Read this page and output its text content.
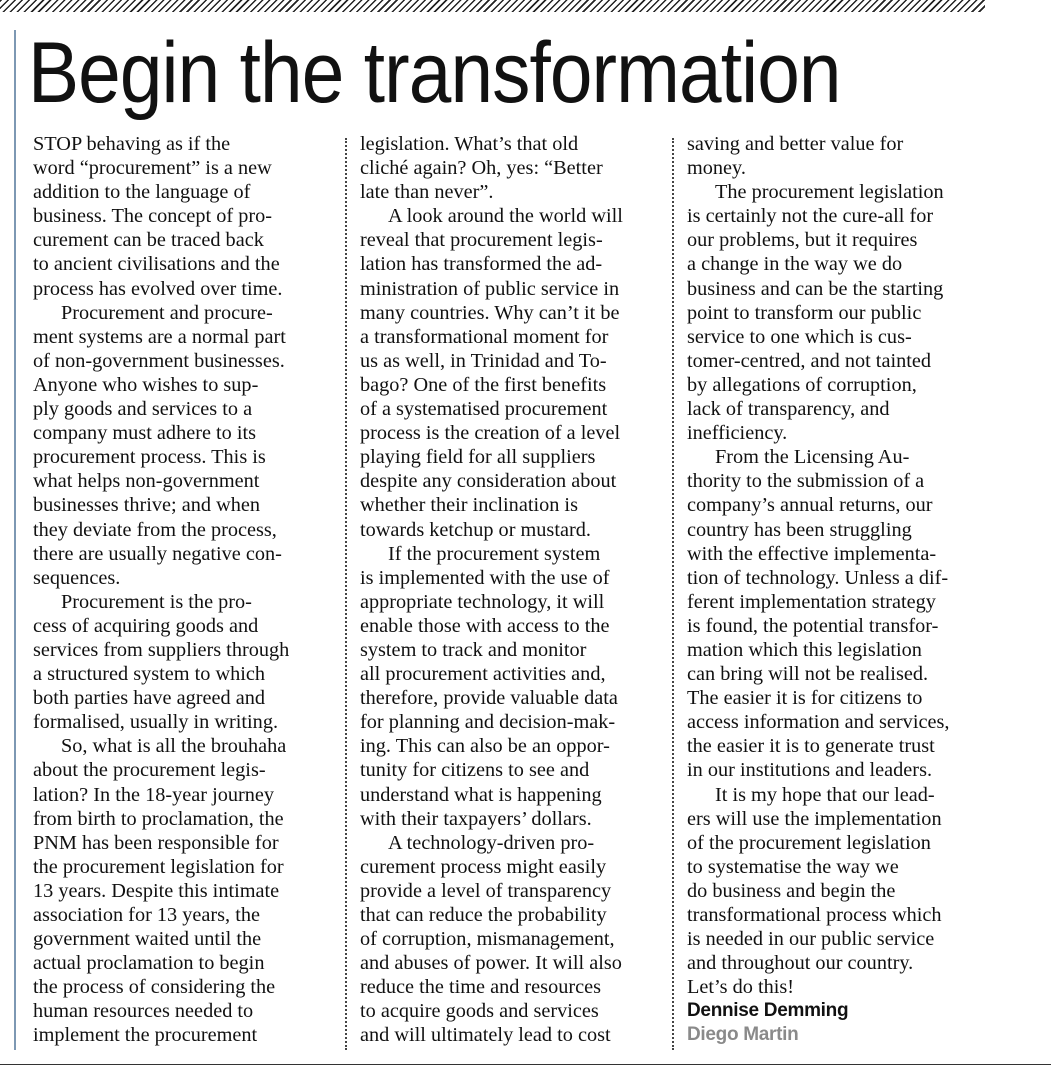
Begin the transformation

STOP behaving as if the
word “procurement” is a new
addition to the language of
business. The concept of pro-
curement can be traced back
to ancient civilisations and the
process has evolved over time.

Procurement and procure-
ment systems are a normal part
of non-government businesses.
Anyone who wishes to sup-
ply goods and services to a
company must adhere to its
procurement process. This is
what helps non-government
businesses thrive; and when
they deviate from the process,
there are usually negative con-
sequences.

Procurement is the pro-
cess of acquiring goods and
services from suppliers through
a structured system to which
both parties have agreed and
formalised, usually in writing.

So, what is all the brouhaha
about the procurement legis-
lation? In the 18-year journey
from birth to proclamation, the
PNM has been responsible for
the procurement legislation for
13 years. Despite this intimate
association for 13 years, the
government waited until the
actual proclamation to begin
the process of considering the
human resources needed to
implement the procurement

legislation. What’s that old
cliché again? Oh, yes: “Better
late than never”.

A look around the world will
reveal that procurement legis-
lation has transformed the ad-
ministration of public service in
many countries. Why can’t it be
a transformational moment for
us as well, in Trinidad and To-
bago? One of the first benefits
of a systematised procurement
process is the creation of a level
playing field for all suppliers
despite any consideration about
whether their inclination is
towards ketchup or mustard.

If the procurement system
is implemented with the use of
appropriate technology, it will
enable those with access to the
system to track and monitor
all procurement activities and,
therefore, provide valuable data
for planning and decision-mak-
ing. This can also be an oppor-
tunity for citizens to see and
understand what is happening
with their taxpayers’ dollars.

A technology-driven pro-
curement process might easily
provide a level of transparency
that can reduce the probability
of corruption, mismanagement,
and abuses of power. It will also
reduce the time and resources
to acquire goods and services
and will ultimately lead to cost

saving and better value for
money.

The procurement legislation
is certainly not the cure-all for
our problems, but it requires
a change in the way we do
business and can be the starting
point to transform our public
service to one which is cus-
tomer-centred, and not tainted
by allegations of corruption,
lack of transparency, and
inefficiency.

From the Licensing Au-
thority to the submission of a
company’s annual returns, our
country has been struggling
with the effective implementa-
tion of technology. Unless a dif-
ferent implementation strategy
is found, the potential transfor-
mation which this legislation
can bring will not be realised.
The easier it is for citizens to
access information and services,
the easier it is to generate trust
in our institutions and leaders.

It is my hope that our lead-
ers will use the implementation
of the procurement legislation
to systematise the way we
do business and begin the
transformational process which
is needed in our public service
and throughout our country.
Let’s do this!

Dennise Demming
Diego Martin
